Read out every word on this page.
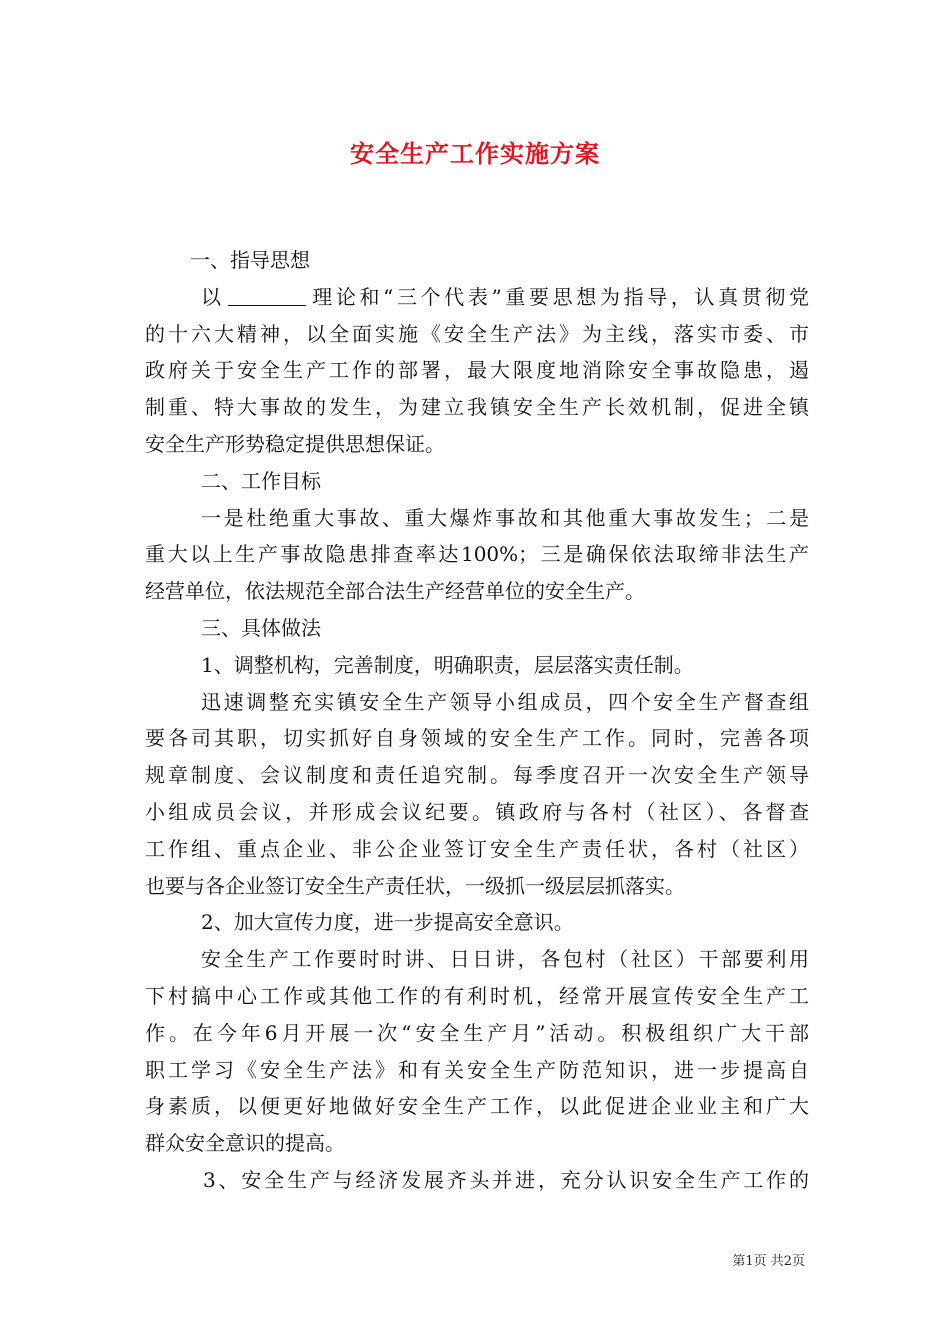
安全生产工作实施方案
一、指导思想
以	理论和“三个代表”重要思想为指导，认真贯彻党
的十六大精神，以全面实施《安全生产法》为主线，落实市委、市
政府关于安全生产工作的部署，最大限度地消除安全事故隐患，遏
制重、特大事故的发生，为建立我镇安全生产长效机制，促进全镇
安全生产形势稳定提供思想保证。
二、工作目标
一是杜绝重大事故、重大爆炸事故和其他重大事故发生；二是
重大以上生产事故隐患排查率达100%；三是确保依法取缔非法生产
经营单位，依法规范全部合法生产经营单位的安全生产。
三、具体做法
1、调整机构，完善制度，明确职责，层层落实责任制。
迅速调整充实镇安全生产领导小组成员，四个安全生产督查组
要各司其职，切实抓好自身领域的安全生产工作。同时，完善各项
规章制度、会议制度和责任追究制。每季度召开一次安全生产领导
小组成员会议，并形成会议纪要。镇政府与各村（社区）、各督查
工作组、重点企业、非公企业签订安全生产责任状，各村（社区）
也要与各企业签订安全生产责任状，一级抓一级层层抓落实。
2、加大宣传力度，进一步提高安全意识。
安全生产工作要时时讲、日日讲，各包村（社区）干部要利用
下村搞中心工作或其他工作的有利时机，经常开展宣传安全生产工
作。在今年6月开展一次“安全生产月”活动。积极组织广大干部
职工学习《安全生产法》和有关安全生产防范知识，进一步提高自
身素质，以便更好地做好安全生产工作，以此促进企业业主和广大
群众安全意识的提高。
3、安全生产与经济发展齐头并进，充分认识安全生产工作的
第1页 共2页
